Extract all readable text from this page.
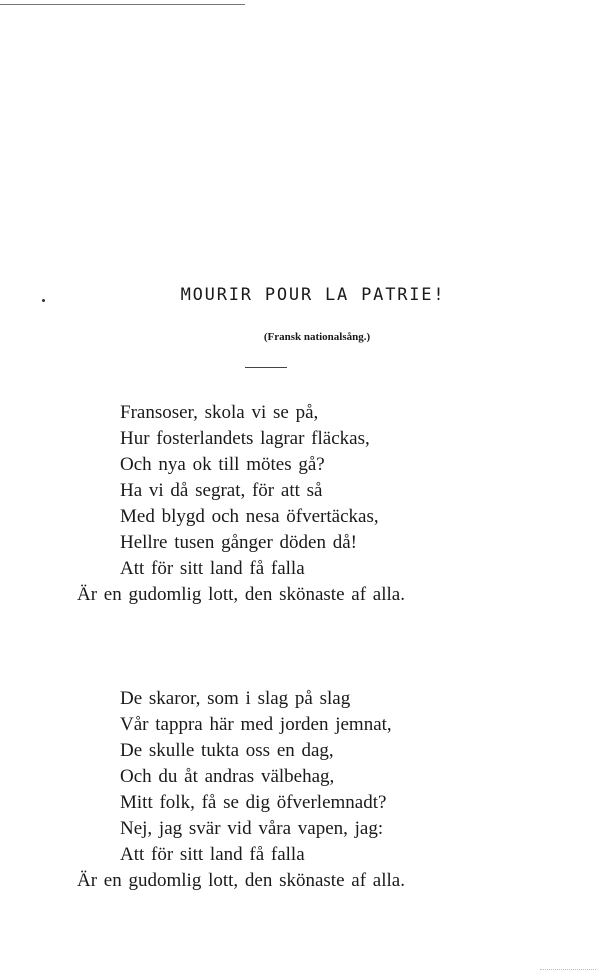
MOURIR POUR LA PATRIE!
(Fransk nationalsång.)
Fransoser, skola vi se på,
Hur fosterlandets lagrar fläckas,
Och nya ok till mötes gå?
Ha vi då segrat, för att så
Med blygd och nesa öfvertäckas,
Hellre tusen gånger döden då!
Att för sitt land få falla
Är en gudomlig lott, den skönaste af alla.
De skaror, som i slag på slag
Vår tappra här med jorden jemnat,
De skulle tukta oss en dag,
Och du åt andras välbehag,
Mitt folk, få se dig öfverlemnadt?
Nej, jag svär vid våra vapen, jag:
Att för sitt land få falla
Är en gudomlig lott, den skönaste af alla.
